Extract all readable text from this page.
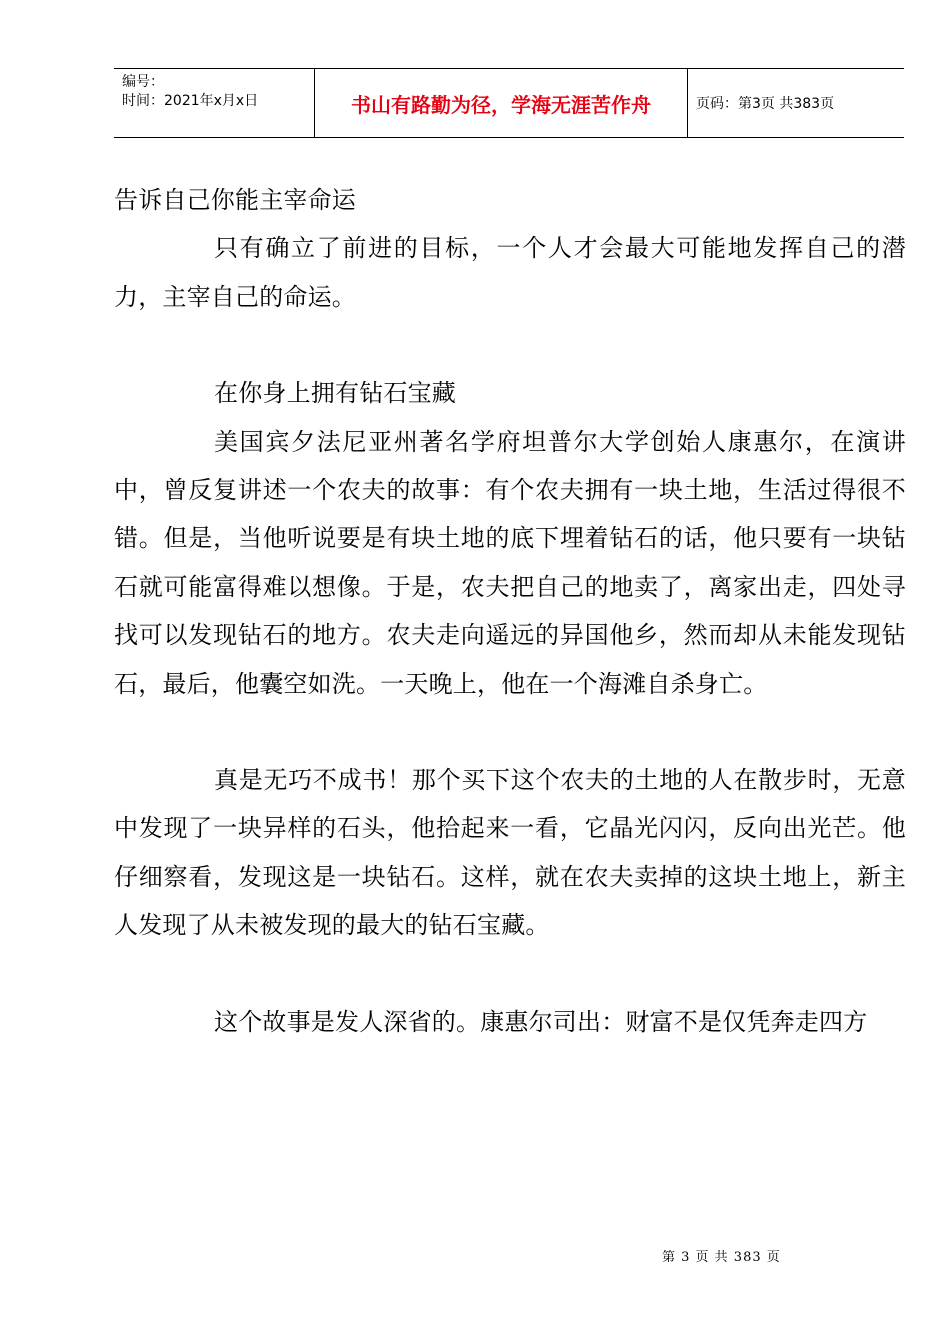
编号：
时间：2021年x月x日	书山有路勤为径，学海无涯苦作舟	页码：第3页 共383页

告诉自己你能主宰命运

只有确立了前进的目标，一个人才会最大可能地发挥自己的潜力，主宰自己的命运。

在你身上拥有钻石宝藏

美国宾夕法尼亚州著名学府坦普尔大学创始人康惠尔，在演讲中，曾反复讲述一个农夫的故事：有个农夫拥有一块土地，生活过得很不错。但是，当他听说要是有块土地的底下埋着钻石的话，他只要有一块钻石就可能富得难以想像。于是，农夫把自己的地卖了，离家出走，四处寻找可以发现钻石的地方。农夫走向遥远的异国他乡，然而却从未能发现钻石，最后，他囊空如洗。一天晚上，他在一个海滩自杀身亡。

真是无巧不成书！那个买下这个农夫的土地的人在散步时，无意中发现了一块异样的石头，他拾起来一看，它晶光闪闪，反向出光芒。他仔细察看，发现这是一块钻石。这样，就在农夫卖掉的这块土地上，新主人发现了从未被发现的最大的钻石宝藏。

这个故事是发人深省的。康惠尔司出：财富不是仅凭奔走四方

第 3 页 共 383 页
